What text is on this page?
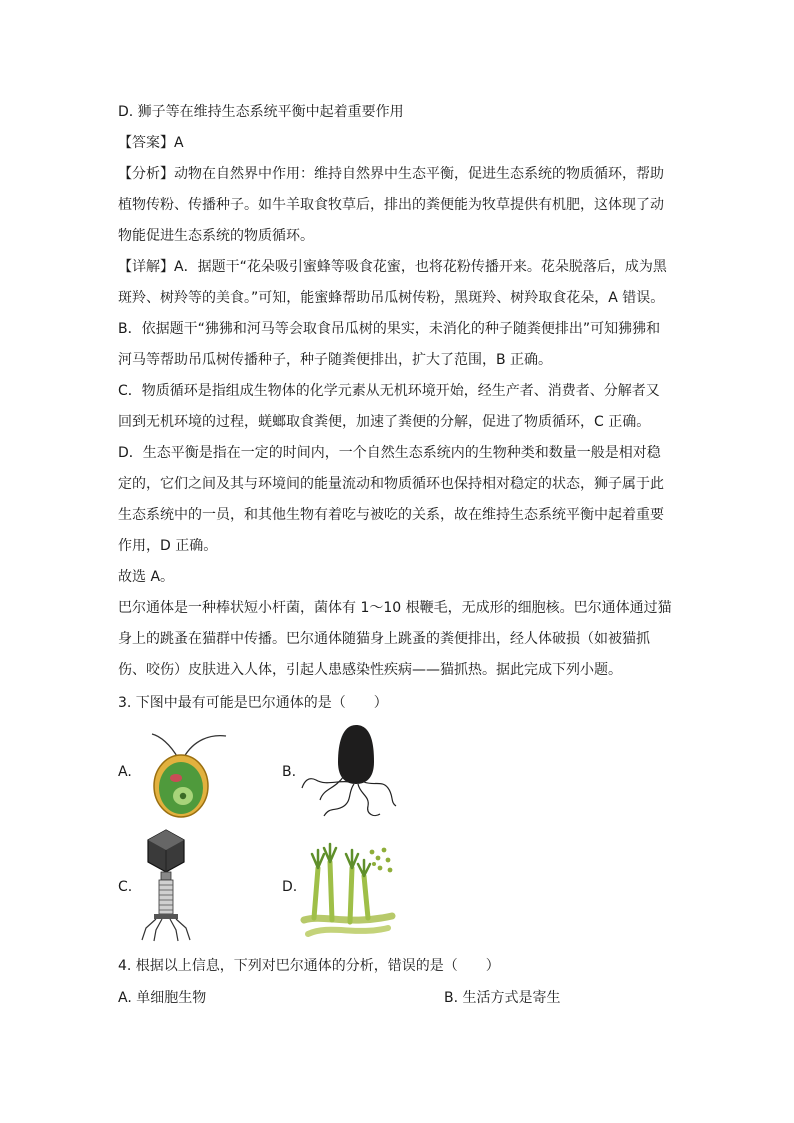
D. 狮子等在维持生态系统平衡中起着重要作用
【答案】A
【分析】动物在自然界中作用：维持自然界中生态平衡，促进生态系统的物质循环，帮助
植物传粉、传播种子。如牛羊取食牧草后，排出的粪便能为牧草提供有机肥，这体现了动
物能促进生态系统的物质循环。
【详解】A．据题干“花朵吸引蜜蜂等吸食花蜜，也将花粉传播开来。花朵脱落后，成为黑
斑羚、树羚等的美食。”可知，能蜜蜂帮助吊瓜树传粉，黑斑羚、树羚取食花朵，A 错误。
B．依据题干“狒狒和河马等会取食吊瓜树的果实，未消化的种子随粪便排出”可知狒狒和
河马等帮助吊瓜树传播种子，种子随粪便排出，扩大了范围，B 正确。
C．物质循环是指组成生物体的化学元素从无机环境开始，经生产者、消费者、分解者又
回到无机环境的过程，蜣螂取食粪便，加速了粪便的分解，促进了物质循环，C 正确。
D．生态平衡是指在一定的时间内，一个自然生态系统内的生物种类和数量一般是相对稳
定的，它们之间及其与环境间的能量流动和物质循环也保持相对稳定的状态，狮子属于此
生态系统中的一员，和其他生物有着吃与被吃的关系，故在维持生态系统平衡中起着重要
作用，D 正确。
故选 A。
巴尔通体是一种棒状短小杆菌，菌体有 1～10 根鞭毛，无成形的细胞核。巴尔通体通过猫
身上的跳蚤在猫群中传播。巴尔通体随猫身上跳蚤的粪便排出，经人体破损（如被猫抓
伤、咬伤）皮肤进入人体，引起人患感染性疾病——猫抓热。据此完成下列小题。
3. 下图中最有可能是巴尔通体的是（　　）
A.	B.
C.	D.
4. 根据以上信息，下列对巴尔通体的分析，错误的是（　　）
A. 单细胞生物	B. 生活方式是寄生
